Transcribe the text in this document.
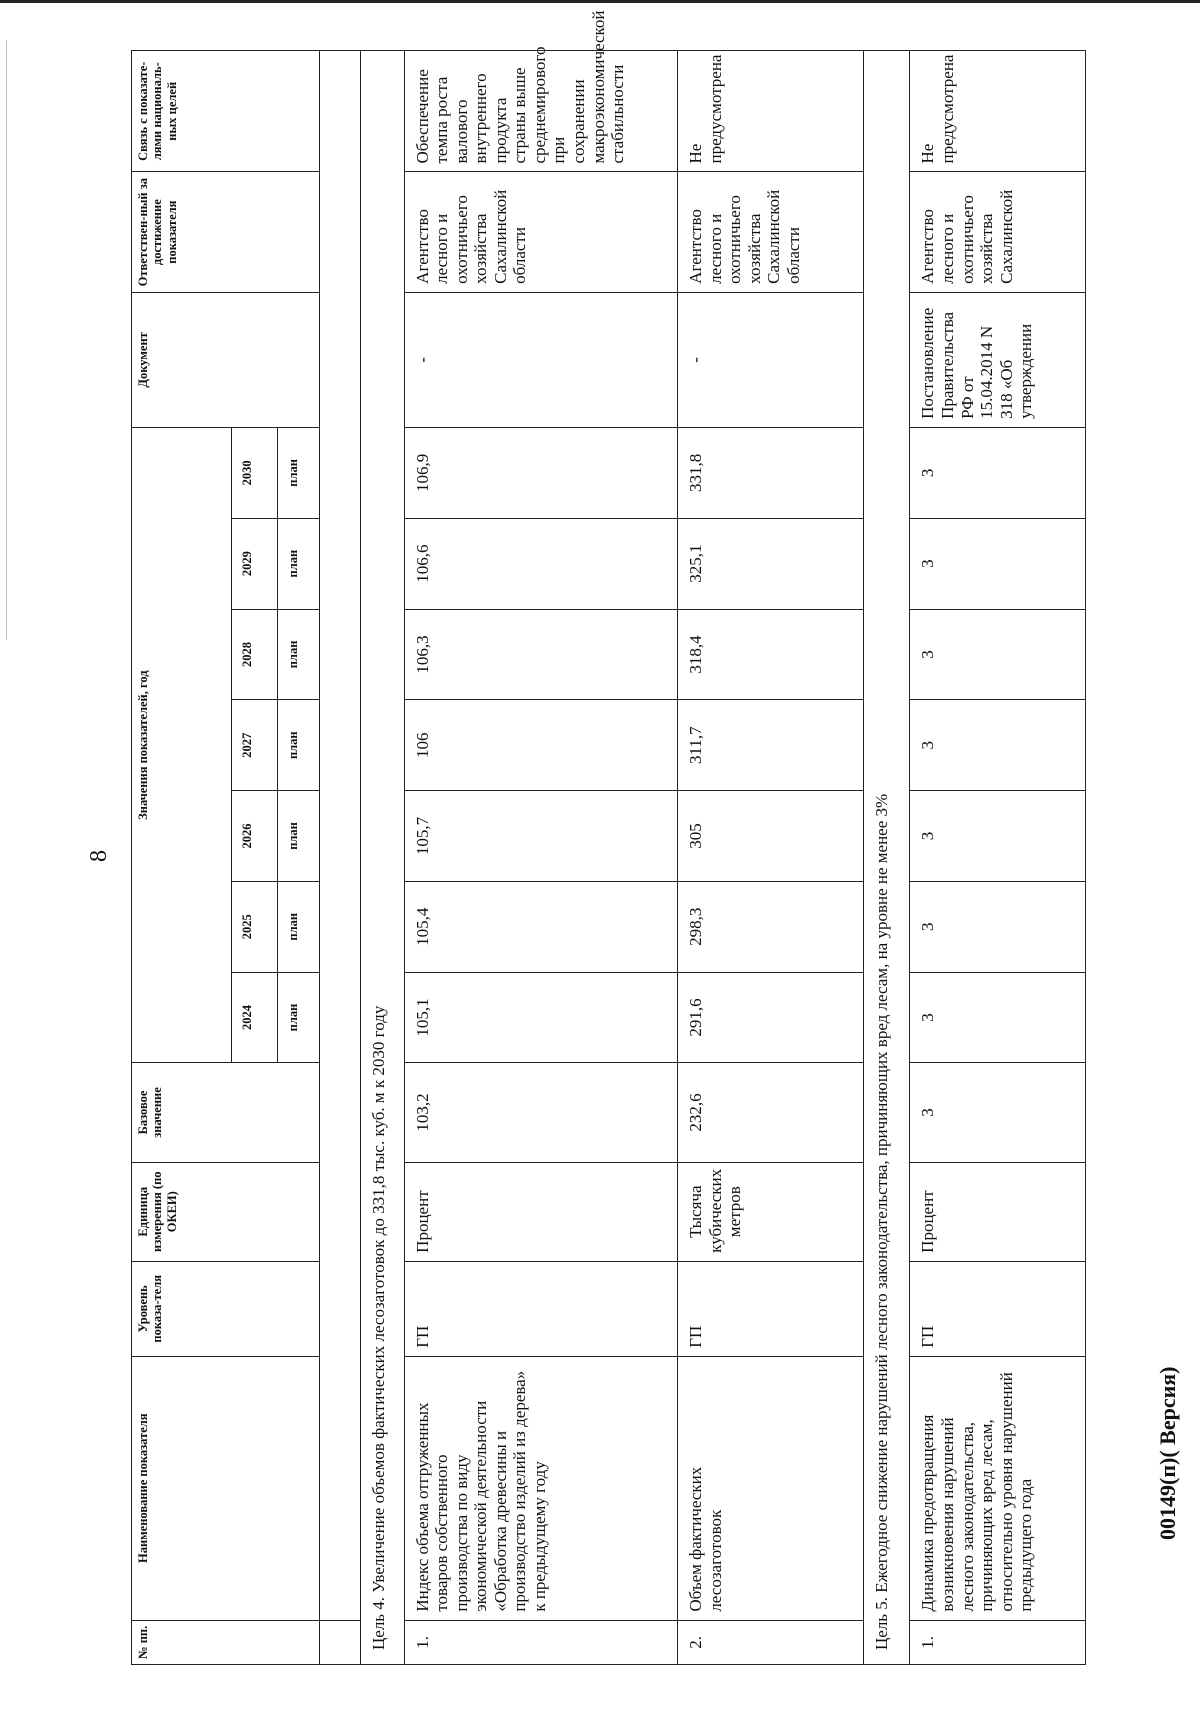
8
№ пп.	Наименование показателя	Уровень показа-теля	Единица измерения (по ОКЕИ)	Базовое значение	Значения показателей, год							Документ	Ответствен-ный за достижение показателя	Связь с показате-лями националь-ных целей
					2024	2025	2026	2027	2028	2029	2030			
					план	план	план	план	план	план	план			

Цель 4. Увеличение объемов фактических лесозаготовок до 331,8 тыс. куб. м к 2030 году														
1.	Индекс объема отгруженных товаров собственного производства по виду экономической деятельности «Обработка древесины и производство изделий из дерева» к предыдущему году	ГП	Процент	103,2	105,1	105,4	105,7	106	106,3	106,6	106,9	-	Агентство лесного и охотничьего хозяйства Сахалинской области	Обеспечение темпа роста валового внутреннего продукта страны выше среднемирового при сохранении макроэкономической стабильности
2.	Объем фактических лесозаготовок	ГП	Тысяча кубических метров	232,6	291,6	298,3	305	311,7	318,4	325,1	331,8	-	Агентство лесного и охотничьего хозяйства Сахалинской области	Не предусмотрена
Цель 5. Ежегодное снижение нарушений лесного законодательства, причиняющих вред лесам, на уровне не менее 3%														
1.	Динамика предотвращения возникновения нарушений лесного законодательства, причиняющих вред лесам, относительно уровня нарушений предыдущего года	ГП	Процент	3	3	3	3	3	3	3	3	Постановление Правительства РФ от 15.04.2014 N 318 «Об утверждении	Агентство лесного и охотничьего хозяйства Сахалинской	Не предусмотрена
00149(п)( Версия)
